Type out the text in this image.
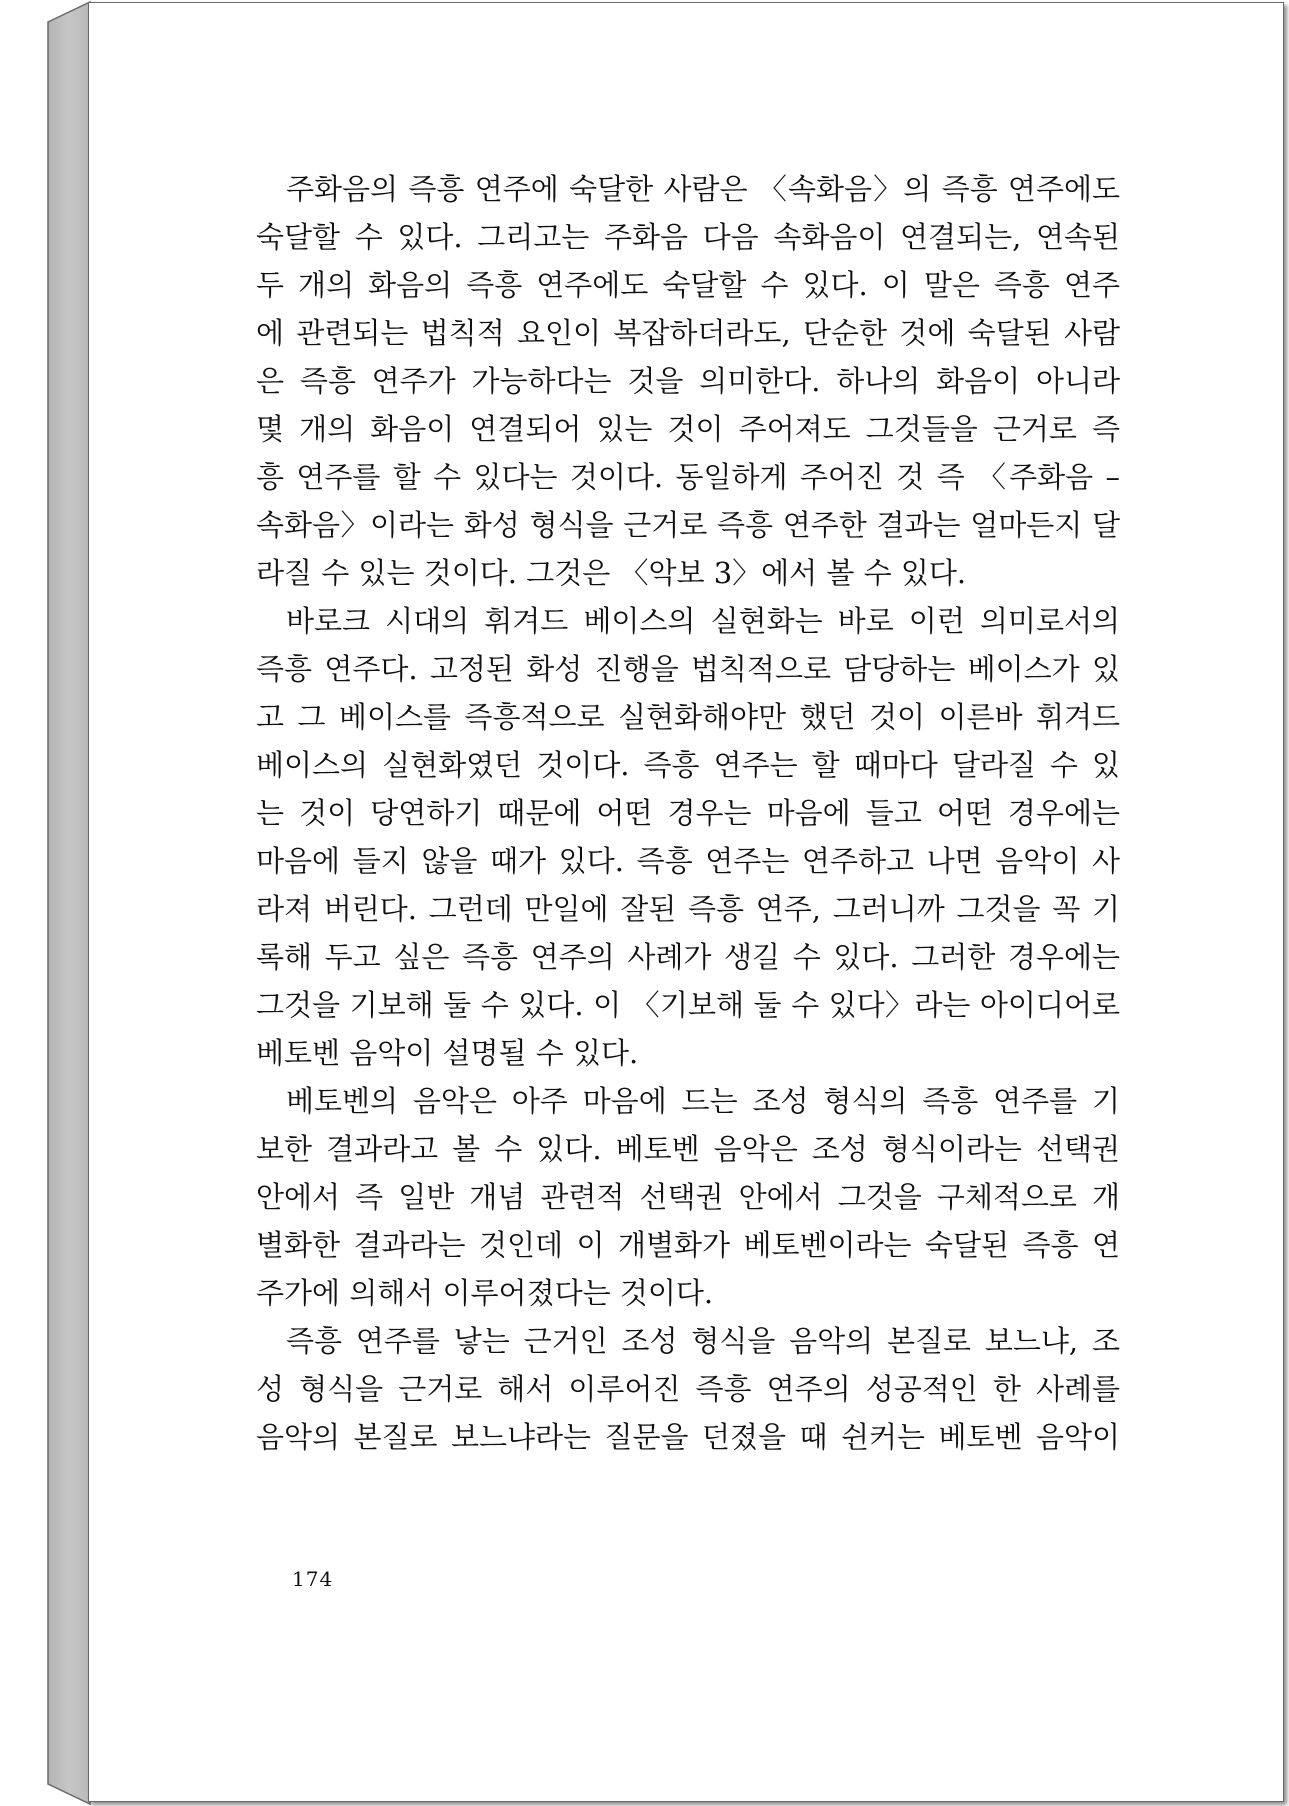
주화음의 즉흥 연주에 숙달한 사람은 〈속화음〉의 즉흥 연주에도
숙달할 수 있다. 그리고는 주화음 다음 속화음이 연결되는, 연속된
두 개의 화음의 즉흥 연주에도 숙달할 수 있다. 이 말은 즉흥 연주
에 관련되는 법칙적 요인이 복잡하더라도, 단순한 것에 숙달된 사람
은 즉흥 연주가 가능하다는 것을 의미한다. 하나의 화음이 아니라
몇 개의 화음이 연결되어 있는 것이 주어져도 그것들을 근거로 즉
흥 연주를 할 수 있다는 것이다. 동일하게 주어진 것 즉 〈주화음 –
속화음〉이라는 화성 형식을 근거로 즉흥 연주한 결과는 얼마든지 달
라질 수 있는 것이다. 그것은 〈악보 3〉에서 볼 수 있다.

바로크 시대의 휘겨드 베이스의 실현화는 바로 이런 의미로서의
즉흥 연주다. 고정된 화성 진행을 법칙적으로 담당하는 베이스가 있
고 그 베이스를 즉흥적으로 실현화해야만 했던 것이 이른바 휘겨드
베이스의 실현화였던 것이다. 즉흥 연주는 할 때마다 달라질 수 있
는 것이 당연하기 때문에 어떤 경우는 마음에 들고 어떤 경우에는
마음에 들지 않을 때가 있다. 즉흥 연주는 연주하고 나면 음악이 사
라져 버린다. 그런데 만일에 잘된 즉흥 연주, 그러니까 그것을 꼭 기
록해 두고 싶은 즉흥 연주의 사례가 생길 수 있다. 그러한 경우에는
그것을 기보해 둘 수 있다. 이 〈기보해 둘 수 있다〉라는 아이디어로
베토벤 음악이 설명될 수 있다.

베토벤의 음악은 아주 마음에 드는 조성 형식의 즉흥 연주를 기
보한 결과라고 볼 수 있다. 베토벤 음악은 조성 형식이라는 선택권
안에서 즉 일반 개념 관련적 선택권 안에서 그것을 구체적으로 개
별화한 결과라는 것인데 이 개별화가 베토벤이라는 숙달된 즉흥 연
주가에 의해서 이루어졌다는 것이다.

즉흥 연주를 낳는 근거인 조성 형식을 음악의 본질로 보느냐, 조
성 형식을 근거로 해서 이루어진 즉흥 연주의 성공적인 한 사례를
음악의 본질로 보느냐라는 질문을 던졌을 때 쉰커는 베토벤 음악이

174
